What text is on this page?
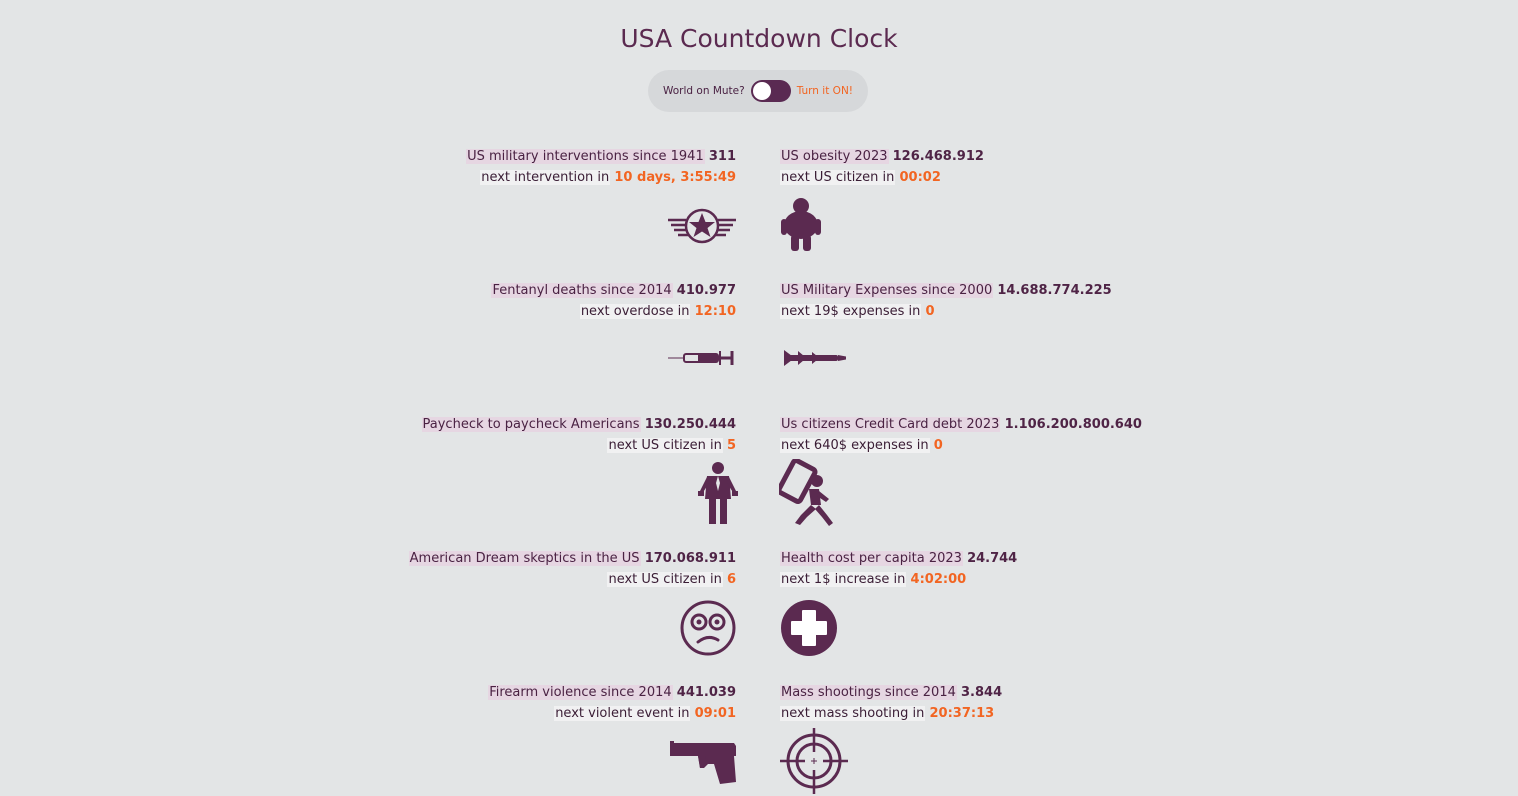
USA Countdown Clock
World on Mute?	Turn it ON!
US military interventions since 1941 311
next intervention in 10 days, 3:55:49
US obesity 2023 126.468.912
next US citizen in 00:02
Fentanyl deaths since 2014 410.977
next overdose in 12:10
US Military Expenses since 2000 14.688.774.225
next 19$ expenses in 0
Paycheck to paycheck Americans 130.250.444
next US citizen in 5
Us citizens Credit Card debt 2023 1.106.200.800.640
next 640$ expenses in 0
American Dream skeptics in the US 170.068.911
next US citizen in 6
Health cost per capita 2023 24.744
next 1$ increase in 4:02:00
Firearm violence since 2014 441.039
next violent event in 09:01
Mass shootings since 2014 3.844
next mass shooting in 20:37:13
